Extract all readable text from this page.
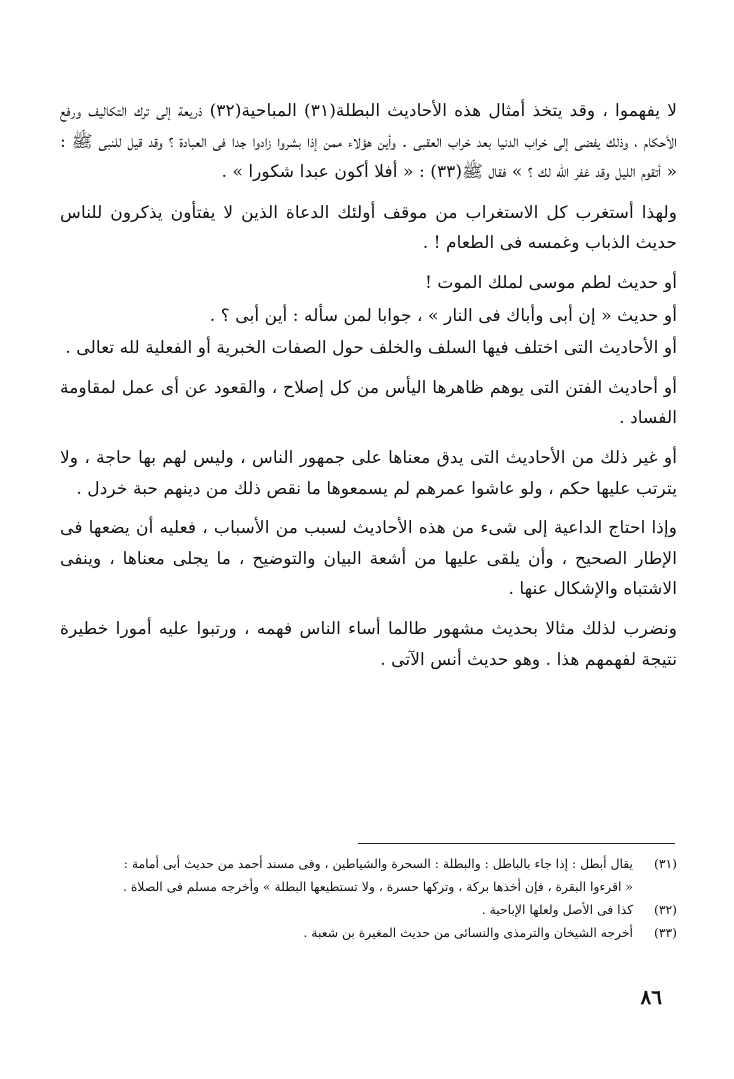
لا يفهموا ، وقد يتخذ أمثال هذه الأحاديث البطلة(٣١) المباحية(٣٢) ذريعة إلى ترك التكاليف ورفع الأحكام ، وذلك يفضى إلى خراب الدنيا بعد خراب العقبى . وأين هؤلاء ممن إذا بشروا زادوا جدا فى العبادة ؟ وقد قيل للنبى ﷺ : « أتقوم الليل وقد غفر الله لك ؟ » فقال ﷺ(٣٣) : « أفلا أكون عبدا شكورا » .

ولهذا أستغرب كل الاستغراب من موقف أولئك الدعاة الذين لا يفتأون يذكرون للناس حديث الذباب وغمسه فى الطعام ! .

أو حديث لطم موسى لملك الموت !

أو حديث « إن أبى وأباك فى النار » ، جوابا لمن سأله : أين أبى ؟ .

أو الأحاديث التى اختلف فيها السلف والخلف حول الصفات الخبرية أو الفعلية لله تعالى .

أو أحاديث الفتن التى يوهم ظاهرها اليأس من كل إصلاح ، والقعود عن أى عمل لمقاومة الفساد .

أو غير ذلك من الأحاديث التى يدق معناها على جمهور الناس ، وليس لهم بها حاجة ، ولا يترتب عليها حكم ، ولو عاشوا عمرهم لم يسمعوها ما نقص ذلك من دينهم حبة خردل .

وإذا احتاج الداعية إلى شىء من هذه الأحاديث لسبب من الأسباب ، فعليه أن يضعها فى الإطار الصحيح ، وأن يلقى عليها من أشعة البيان والتوضيح ، ما يجلى معناها ، وينفى الاشتباه والإشكال عنها .

ونضرب لذلك مثالا بحديث مشهور طالما أساء الناس فهمه ، ورتبوا عليه أمورا خطيرة نتيجة لفهمهم هذا . وهو حديث أنس الآتى .

(٣١)
يقال أبطل : إذا جاء بالباطل : والبطلة : السحرة والشياطين ، وفى مسند أحمد من حديث أبى أمامة :
« اقرءوا البقرة ، فإن أخذها بركة ، وتركها حسرة ، ولا تستطيعها البطلة » وأخرجه مسلم فى الصلاة .
(٣٢)
كذا فى الأصل ولعلها الإباحية .
(٣٣)
أخرجه الشيخان والترمذى والنسائى من حديث المغيرة بن شعبة .
٨٦
